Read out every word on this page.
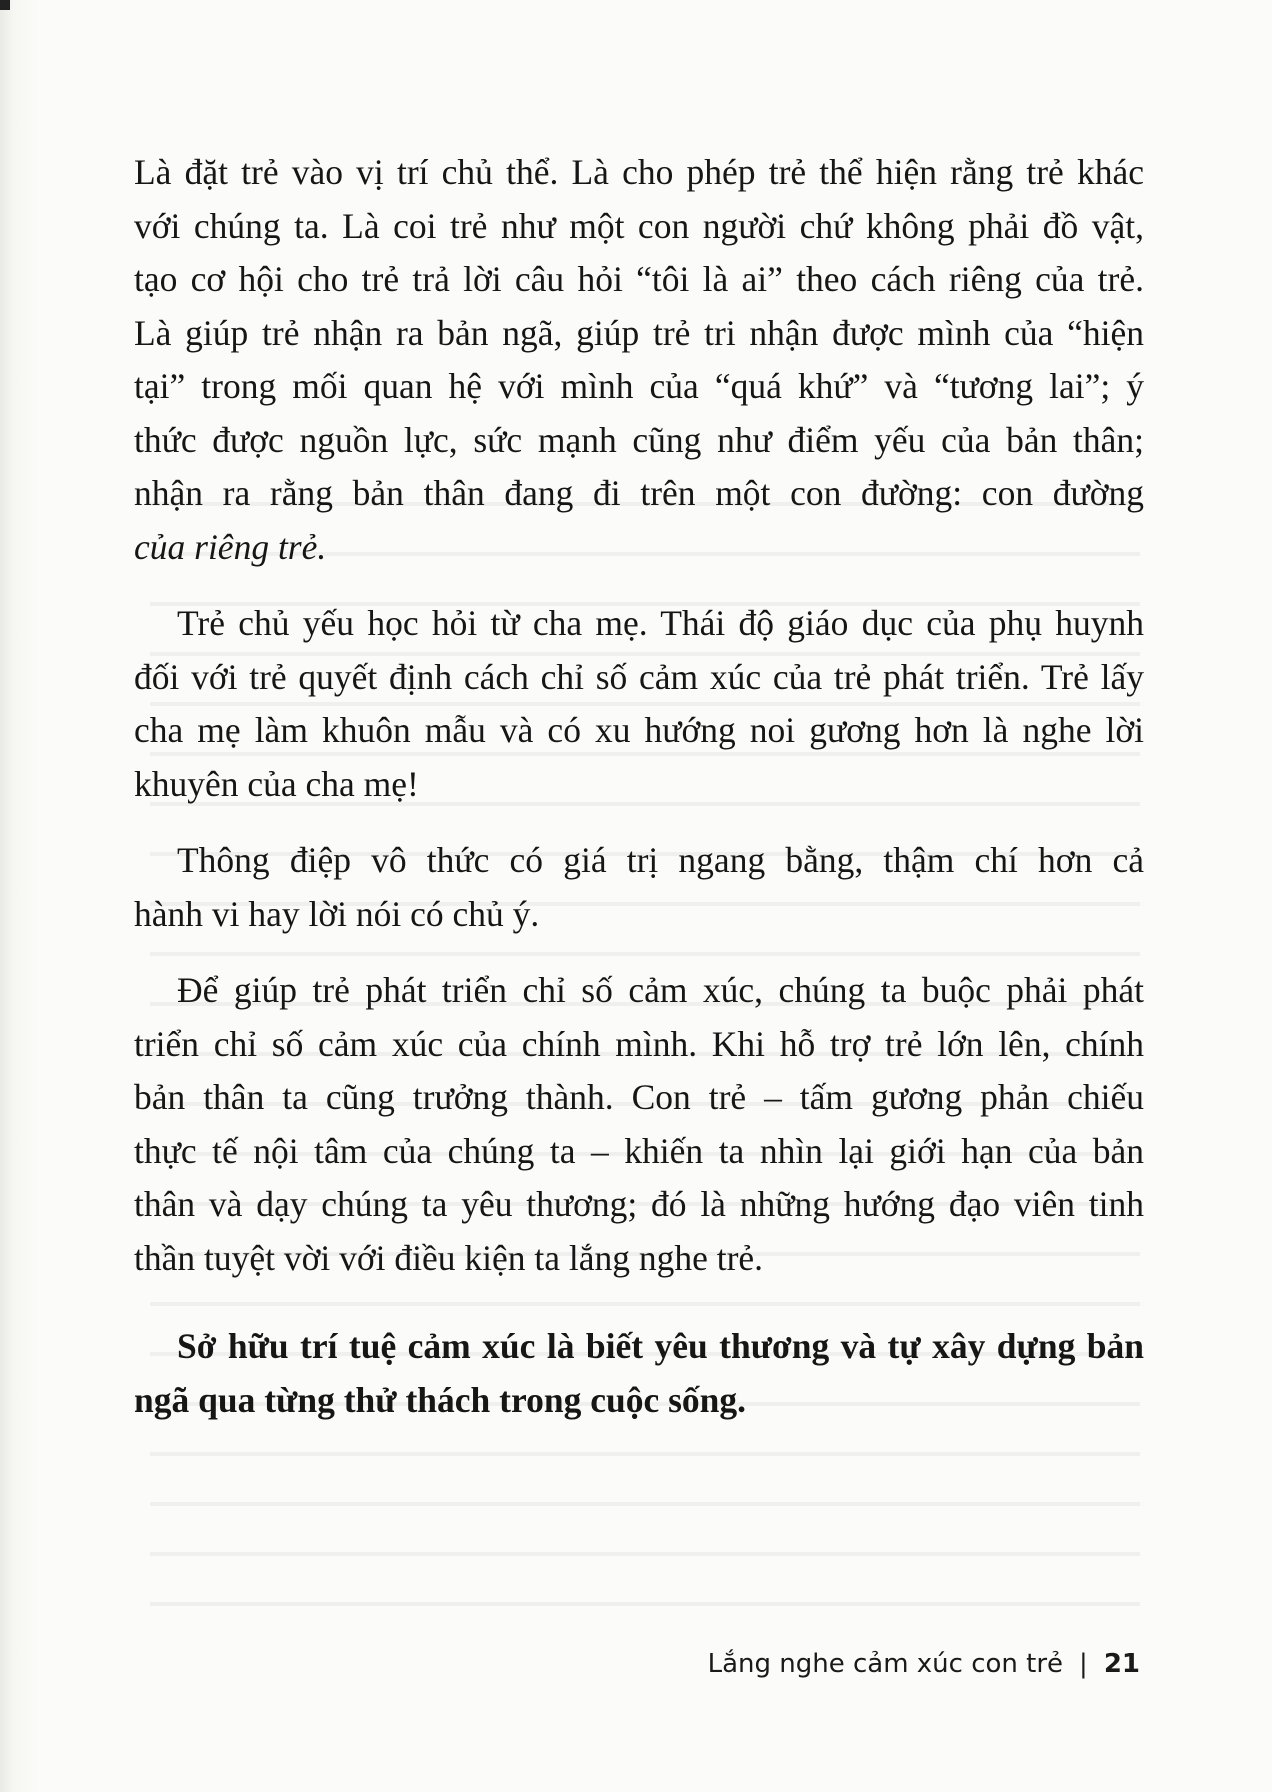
Là đặt trẻ vào vị trí chủ thể. Là cho phép trẻ thể hiện rằng trẻ khác
với chúng ta. Là coi trẻ như một con người chứ không phải đồ vật,
tạo cơ hội cho trẻ trả lời câu hỏi “tôi là ai” theo cách riêng của trẻ.
Là giúp trẻ nhận ra bản ngã, giúp trẻ tri nhận được mình của “hiện
tại” trong mối quan hệ với mình của “quá khứ” và “tương lai”; ý
thức được nguồn lực, sức mạnh cũng như điểm yếu của bản thân;
nhận ra rằng bản thân đang đi trên một con đường: con đường
của riêng trẻ.
Trẻ chủ yếu học hỏi từ cha mẹ. Thái độ giáo dục của phụ huynh
đối với trẻ quyết định cách chỉ số cảm xúc của trẻ phát triển. Trẻ lấy
cha mẹ làm khuôn mẫu và có xu hướng noi gương hơn là nghe lời
khuyên của cha mẹ!
Thông điệp vô thức có giá trị ngang bằng, thậm chí hơn cả
hành vi hay lời nói có chủ ý.
Để giúp trẻ phát triển chỉ số cảm xúc, chúng ta buộc phải phát
triển chỉ số cảm xúc của chính mình. Khi hỗ trợ trẻ lớn lên, chính
bản thân ta cũng trưởng thành. Con trẻ – tấm gương phản chiếu
thực tế nội tâm của chúng ta – khiến ta nhìn lại giới hạn của bản
thân và dạy chúng ta yêu thương; đó là những hướng đạo viên tinh
thần tuyệt vời với điều kiện ta lắng nghe trẻ.
Sở hữu trí tuệ cảm xúc là biết yêu thương và tự xây dựng bản
ngã qua từng thử thách trong cuộc sống.
Lắng nghe cảm xúc con trẻ | 21
